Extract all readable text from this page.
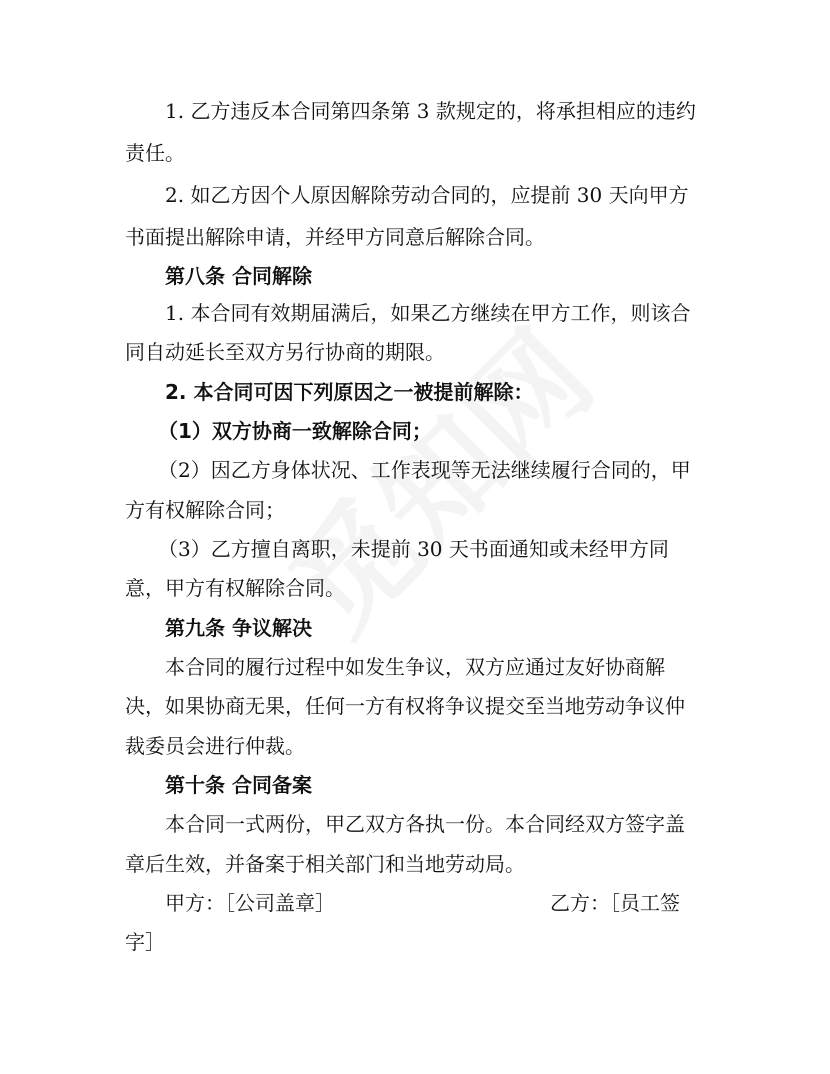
1. 乙方违反本合同第四条第 3 款规定的，将承担相应的违约
责任。
2. 如乙方因个人原因解除劳动合同的，应提前 30 天向甲方
书面提出解除申请，并经甲方同意后解除合同。
第八条 合同解除
1. 本合同有效期届满后，如果乙方继续在甲方工作，则该合
同自动延长至双方另行协商的期限。
2. 本合同可因下列原因之一被提前解除：
（1）双方协商一致解除合同；
（2）因乙方身体状况、工作表现等无法继续履行合同的，甲
方有权解除合同；
（3）乙方擅自离职，未提前 30 天书面通知或未经甲方同
意，甲方有权解除合同。
第九条 争议解决
本合同的履行过程中如发生争议，双方应通过友好协商解
决，如果协商无果，任何一方有权将争议提交至当地劳动争议仲
裁委员会进行仲裁。
第十条 合同备案
本合同一式两份，甲乙双方各执一份。本合同经双方签字盖
章后生效，并备案于相关部门和当地劳动局。
甲方：［公司盖章］	乙方：［员工签
字］
